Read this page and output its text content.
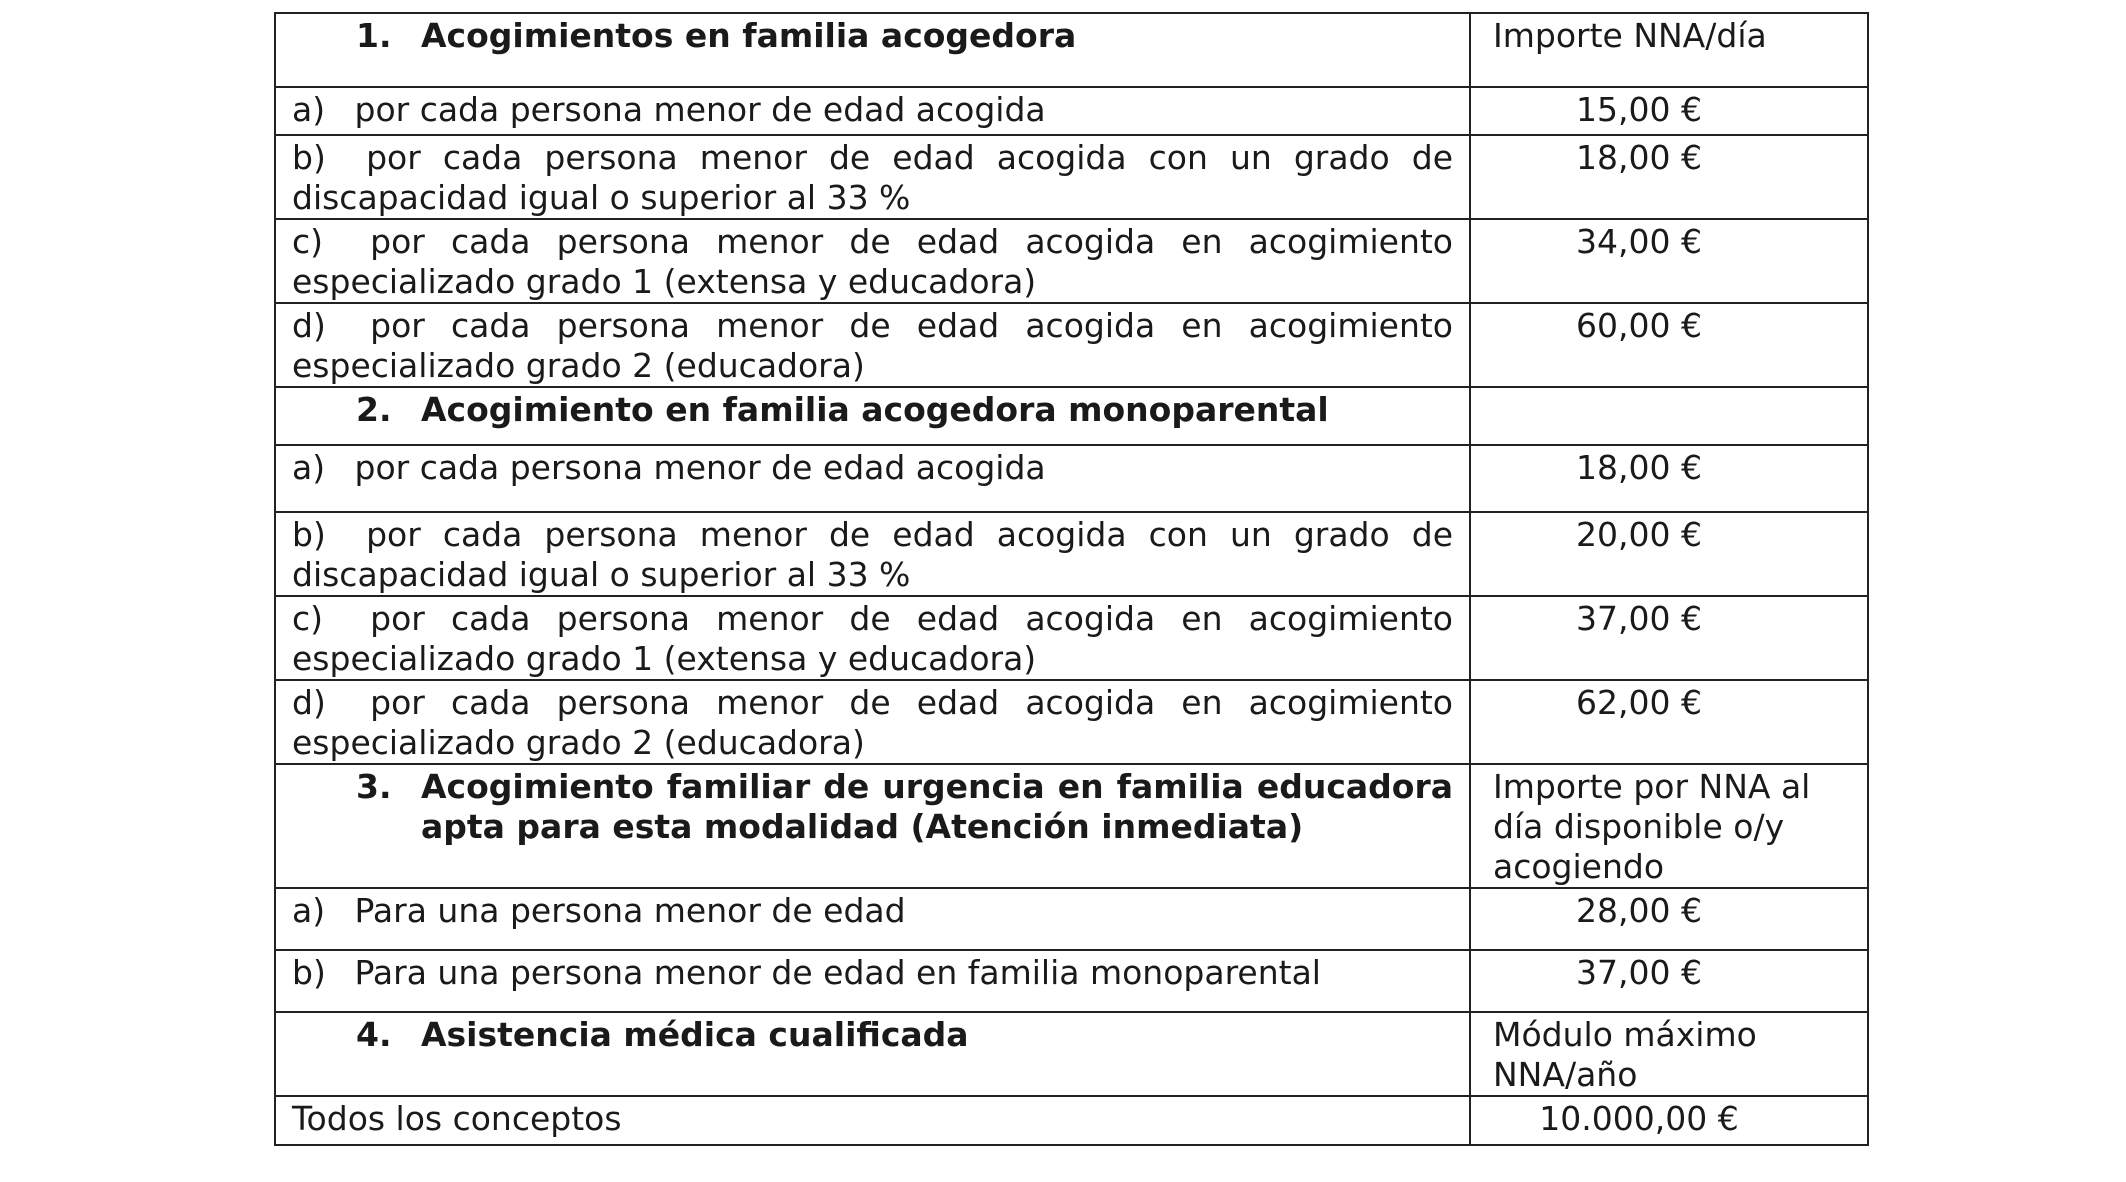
1. Acogimientos en familia acogedora	Importe NNA/día
a) por cada persona menor de edad acogida	15,00 €
b) por cada persona menor de edad acogida con un grado de discapacidad igual o superior al 33 %	18,00 €
c) por cada persona menor de edad acogida en acogimiento especializado grado 1 (extensa y educadora)	34,00 €
d) por cada persona menor de edad acogida en acogimiento especializado grado 2 (educadora)	60,00 €
2. Acogimiento en familia acogedora monoparental	
a) por cada persona menor de edad acogida	18,00 €
b) por cada persona menor de edad acogida con un grado de discapacidad igual o superior al 33 %	20,00 €
c) por cada persona menor de edad acogida en acogimiento especializado grado 1 (extensa y educadora)	37,00 €
d) por cada persona menor de edad acogida en acogimiento especializado grado 2 (educadora)	62,00 €

3. Acogimiento familiar de urgencia en familia educadora apta para esta modalidad (Atención inmediata)	Importe por NNA al día disponible o/y acogiendo
a) Para una persona menor de edad	28,00 €
b) Para una persona menor de edad en familia monoparental	37,00 €
4. Asistencia médica cualificada	Módulo máximo NNA/año
Todos los conceptos	10.000,00 €
